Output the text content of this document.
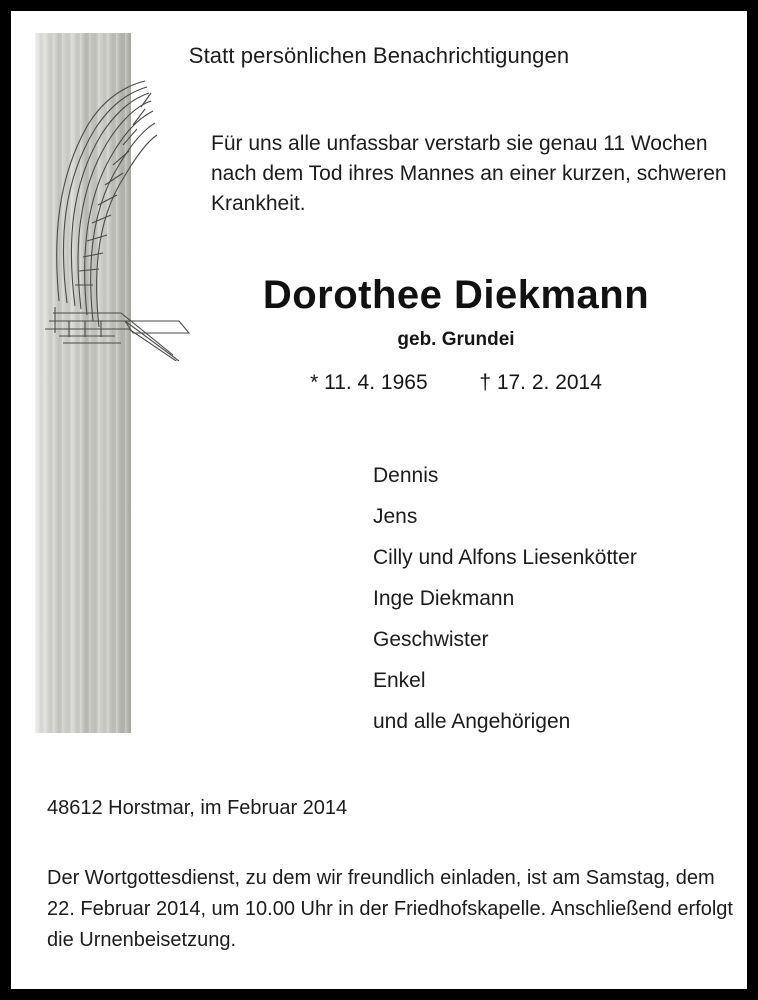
Statt persönlichen Benachrichtigungen
Für uns alle unfassbar verstarb sie genau 11 Wochen nach dem Tod ihres Mannes an einer kurzen, schweren Krankheit.
Dorothee Diekmann
geb. Grundei
* 11. 4. 1965 † 17. 2. 2014
Dennis
Jens
Cilly und Alfons Liesenkötter
Inge Diekmann
Geschwister
Enkel
und alle Angehörigen
48612 Horstmar, im Februar 2014
Der Wortgottesdienst, zu dem wir freundlich einladen, ist am Samstag, dem 22. Februar 2014, um 10.00 Uhr in der Friedhofskapelle. Anschließend erfolgt die Urnenbeisetzung.
